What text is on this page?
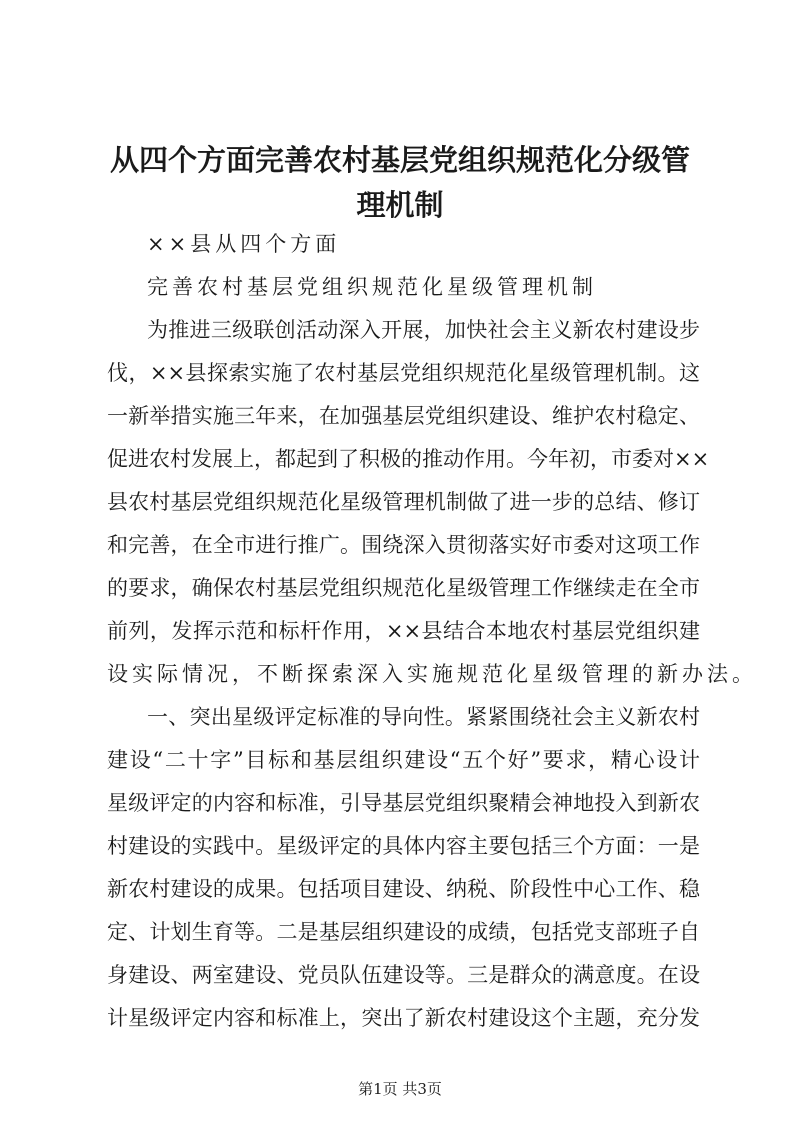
从四个方面完善农村基层党组织规范化分级管
理机制
××县从四个方面
完善农村基层党组织规范化星级管理机制
为推进三级联创活动深入开展，加快社会主义新农村建设步
伐，××县探索实施了农村基层党组织规范化星级管理机制。这
一新举措实施三年来，在加强基层党组织建设、维护农村稳定、
促进农村发展上，都起到了积极的推动作用。今年初，市委对××
县农村基层党组织规范化星级管理机制做了进一步的总结、修订
和完善，在全市进行推广。围绕深入贯彻落实好市委对这项工作
的要求，确保农村基层党组织规范化星级管理工作继续走在全市
前列，发挥示范和标杆作用，××县结合本地农村基层党组织建
设实际情况，不断探索深入实施规范化星级管理的新办法。
一、突出星级评定标准的导向性。紧紧围绕社会主义新农村
建设“二十字”目标和基层组织建设“五个好”要求，精心设计
星级评定的内容和标准，引导基层党组织聚精会神地投入到新农
村建设的实践中。星级评定的具体内容主要包括三个方面：一是
新农村建设的成果。包括项目建设、纳税、阶段性中心工作、稳
定、计划生育等。二是基层组织建设的成绩，包括党支部班子自
身建设、两室建设、党员队伍建设等。三是群众的满意度。在设
计星级评定内容和标准上，突出了新农村建设这个主题，充分发
第1页 共3页
